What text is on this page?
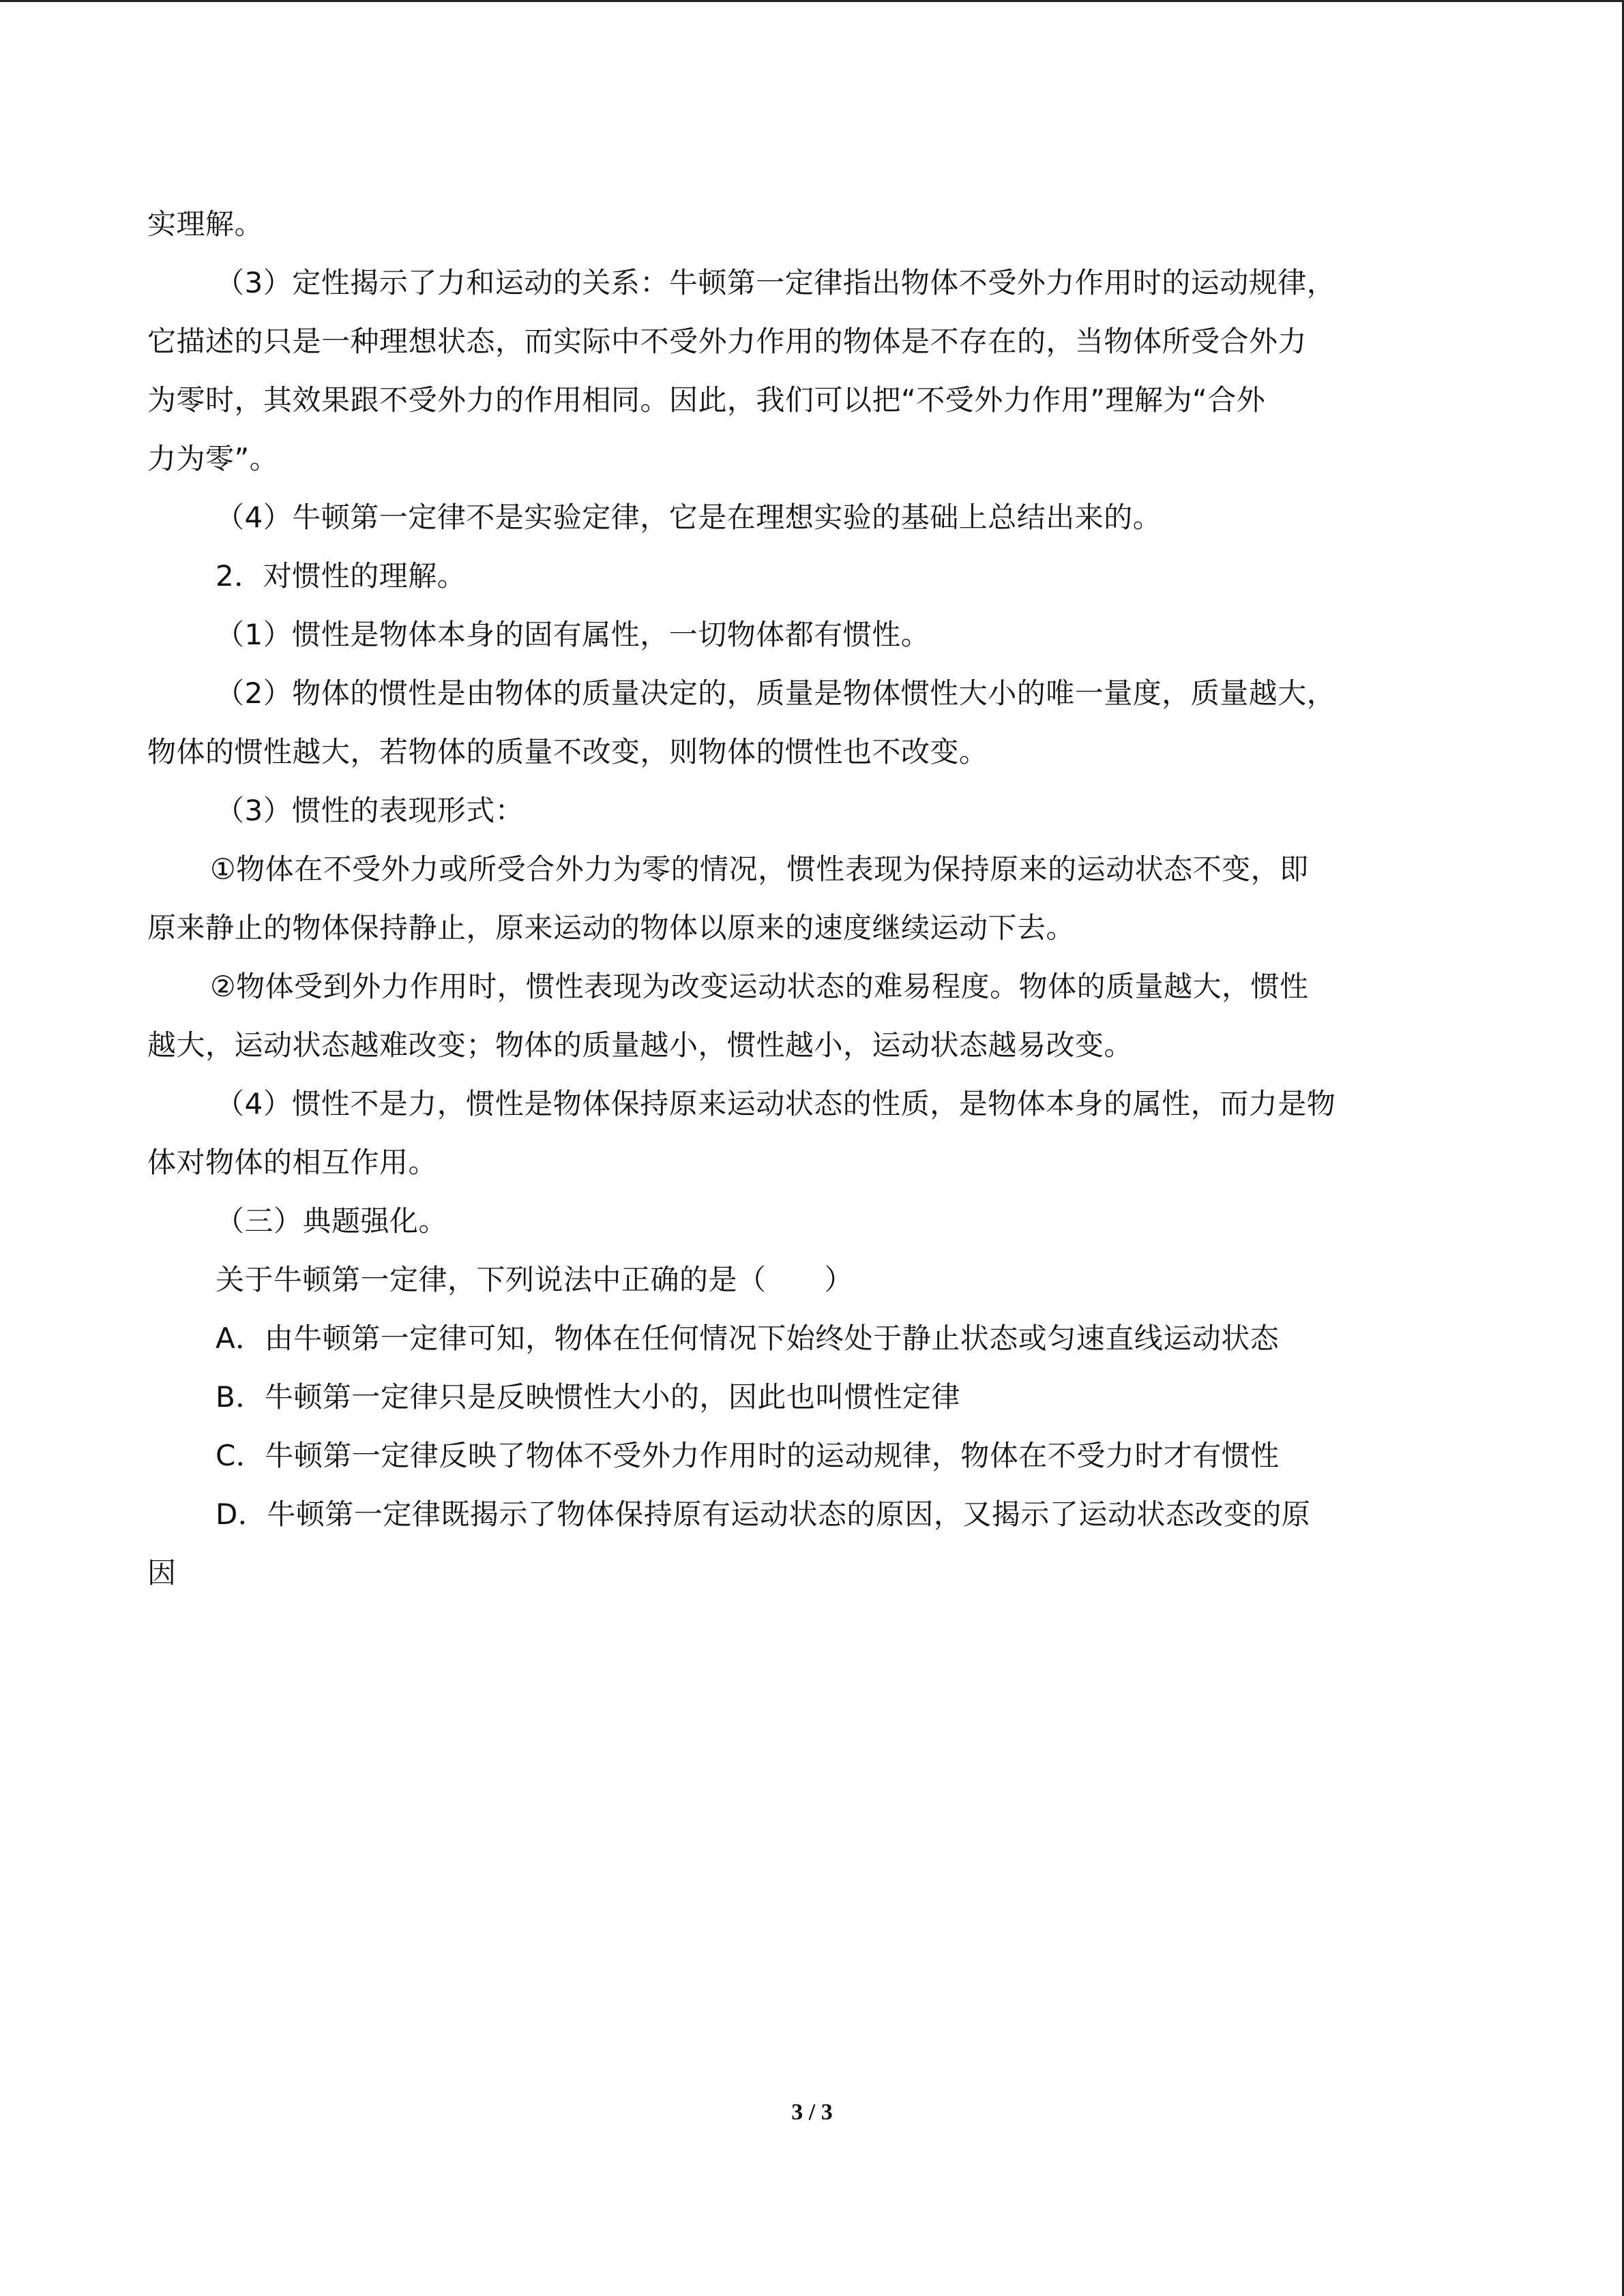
实理解。
（3）定性揭示了力和运动的关系：牛顿第一定律指出物体不受外力作用时的运动规律，
它描述的只是一种理想状态，而实际中不受外力作用的物体是不存在的，当物体所受合外力
为零时，其效果跟不受外力的作用相同。因此，我们可以把“不受外力作用”理解为“合外
力为零”。
（4）牛顿第一定律不是实验定律，它是在理想实验的基础上总结出来的。
2．对惯性的理解。
（1）惯性是物体本身的固有属性，一切物体都有惯性。
（2）物体的惯性是由物体的质量决定的，质量是物体惯性大小的唯一量度，质量越大，
物体的惯性越大，若物体的质量不改变，则物体的惯性也不改变。
（3）惯性的表现形式：
①物体在不受外力或所受合外力为零的情况，惯性表现为保持原来的运动状态不变，即
原来静止的物体保持静止，原来运动的物体以原来的速度继续运动下去。
②物体受到外力作用时，惯性表现为改变运动状态的难易程度。物体的质量越大，惯性
越大，运动状态越难改变；物体的质量越小，惯性越小，运动状态越易改变。
（4）惯性不是力，惯性是物体保持原来运动状态的性质，是物体本身的属性，而力是物
体对物体的相互作用。
（三）典题强化。
关于牛顿第一定律，下列说法中正确的是（　　）
A．由牛顿第一定律可知，物体在任何情况下始终处于静止状态或匀速直线运动状态
B．牛顿第一定律只是反映惯性大小的，因此也叫惯性定律
C．牛顿第一定律反映了物体不受外力作用时的运动规律，物体在不受力时才有惯性
D．牛顿第一定律既揭示了物体保持原有运动状态的原因，又揭示了运动状态改变的原
因
3 / 3
